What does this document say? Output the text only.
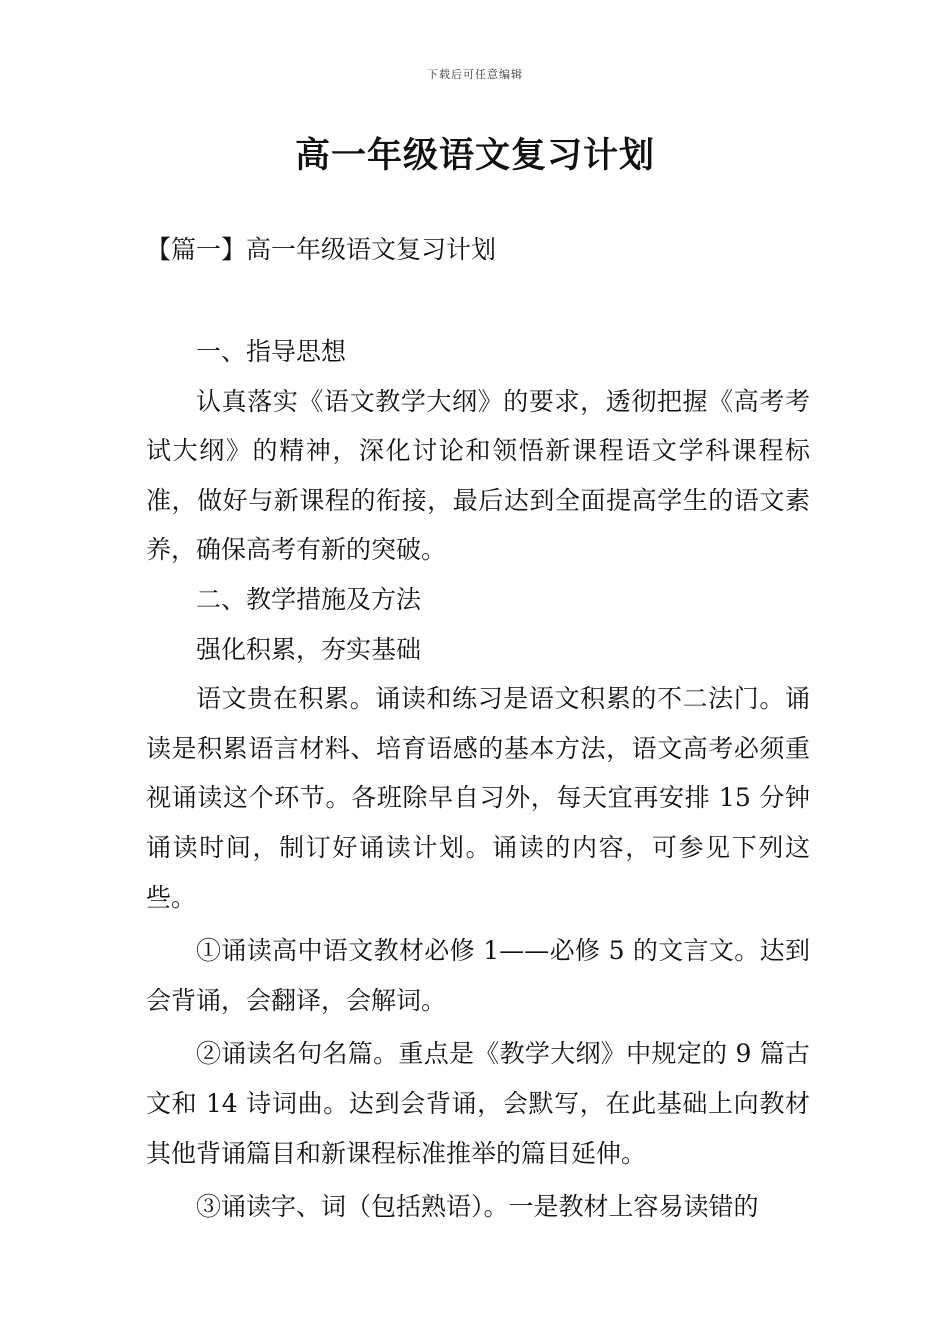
下载后可任意编辑
高一年级语文复习计划
【篇一】高一年级语文复习计划

一、指导思想

认真落实《语文教学大纲》的要求，透彻把握《高考考试大纲》的精神，深化讨论和领悟新课程语文学科课程标准，做好与新课程的衔接，最后达到全面提高学生的语文素养，确保高考有新的突破。

二、教学措施及方法

强化积累，夯实基础

语文贵在积累。诵读和练习是语文积累的不二法门。诵读是积累语言材料、培育语感的基本方法，语文高考必须重视诵读这个环节。各班除早自习外，每天宜再安排 15 分钟诵读时间，制订好诵读计划。诵读的内容，可参见下列这些。

①诵读高中语文教材必修 1——必修 5 的文言文。达到会背诵，会翻译，会解词。

②诵读名句名篇。重点是《教学大纲》中规定的 9 篇古文和 14 诗词曲。达到会背诵，会默写，在此基础上向教材其他背诵篇目和新课程标准推举的篇目延伸。

③诵读字、词（包括熟语）。一是教材上容易读错的
